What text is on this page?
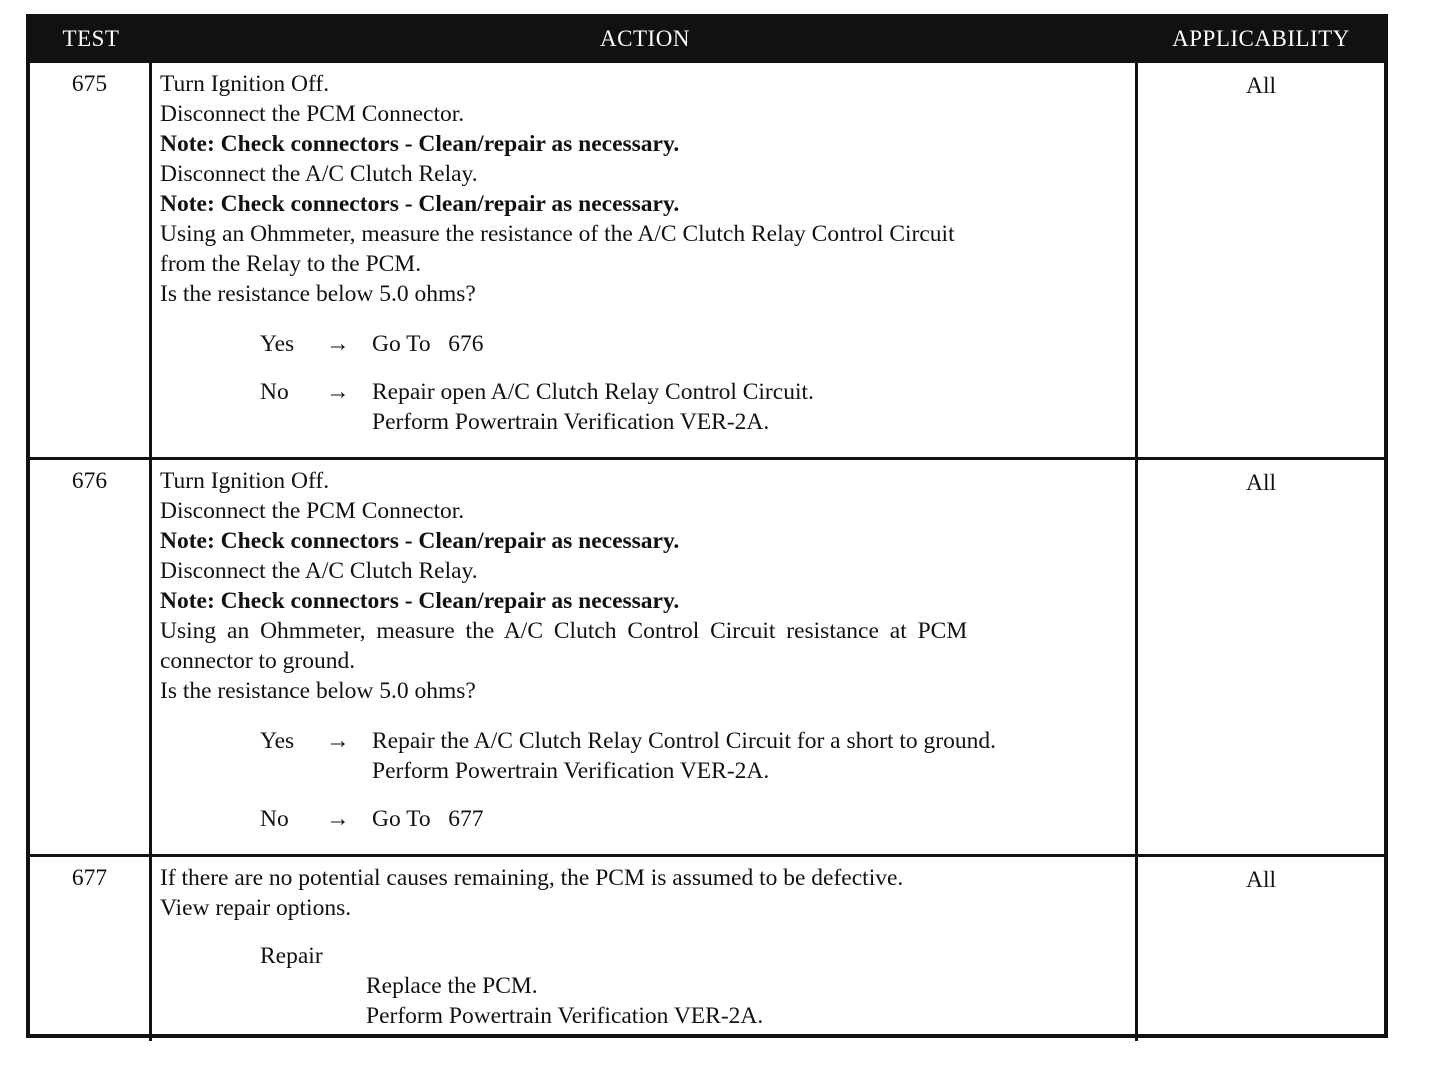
TEST	ACTION	APPLICABILITY
675	Turn Ignition Off.
Disconnect the PCM Connector.
Note: Check connectors - Clean/repair as necessary.
Disconnect the A/C Clutch Relay.
Note: Check connectors - Clean/repair as necessary.
Using an Ohmmeter, measure the resistance of the A/C Clutch Relay Control Circuit
from the Relay to the PCM.
Is the resistance below 5.0 ohms?
Yes	→ Go To   676
No	→ Repair open A/C Clutch Relay Control Circuit.
Perform Powertrain Verification VER-2A.
All
676	Turn Ignition Off.
Disconnect the PCM Connector.
Note: Check connectors - Clean/repair as necessary.
Disconnect the A/C Clutch Relay.
Note: Check connectors - Clean/repair as necessary.
Using an Ohmmeter, measure the A/C Clutch Control Circuit resistance at PCM
connector to ground.
Is the resistance below 5.0 ohms?
Yes	→ Repair the A/C Clutch Relay Control Circuit for a short to ground.
Perform Powertrain Verification VER-2A.
No	→ Go To   677
All
677	If there are no potential causes remaining, the PCM is assumed to be defective.
View repair options.
Repair
Replace the PCM.
Perform Powertrain Verification VER-2A.
All
